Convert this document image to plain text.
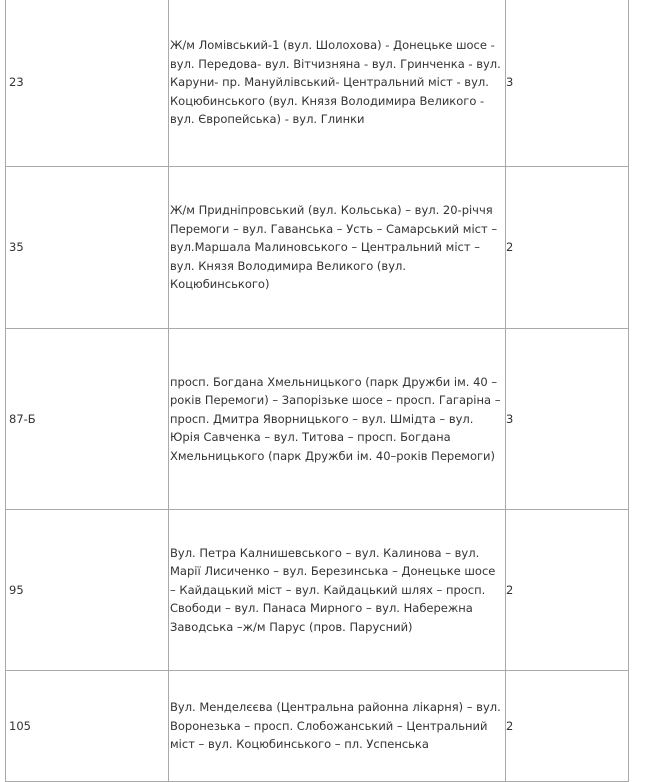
23	Ж/м Ломівський-1 (вул. Шолохова) - Донецьке шосе - вул. Передова- вул. Вітчизняна - вул. Гринченка - вул. Каруни- пр. Мануйлівський- Центральний міст - вул. Коцюбинського (вул. Князя Володимира Великого - вул. Європейська) - вул. Глинки	3

35	Ж/м Придніпровський (вул. Кольська) – вул. 20-річчя Перемоги – вул. Гаванська – Усть – Самарський міст – вул.Маршала Малиновського – Центральний міст – вул. Князя Володимира Великого (вул. Коцюбинського)	2

87-Б	просп. Богдана Хмельницького (парк Дружби ім. 40 – років Перемоги) – Запорізьке шосе – просп. Гагаріна – просп. Дмитра Яворницького – вул. Шмідта – вул. Юрія Савченка – вул. Титова – просп. Богдана Хмельницького (парк Дружби ім. 40–років Перемоги)	3

95	Вул. Петра Калнишевського – вул. Калинова – вул. Марії Лисиченко – вул. Березинська – Донецьке шосе – Кайдацький міст – вул. Кайдацький шлях – просп. Свободи – вул. Панаса Мирного – вул. Набережна Заводська –ж/м Парус (пров. Парусний)	2

105	Вул. Менделєєва (Центральна районна лікарня) – вул. Воронезька – просп. Слобожанський – Центральний міст – вул. Коцюбинського – пл. Успенська	2
